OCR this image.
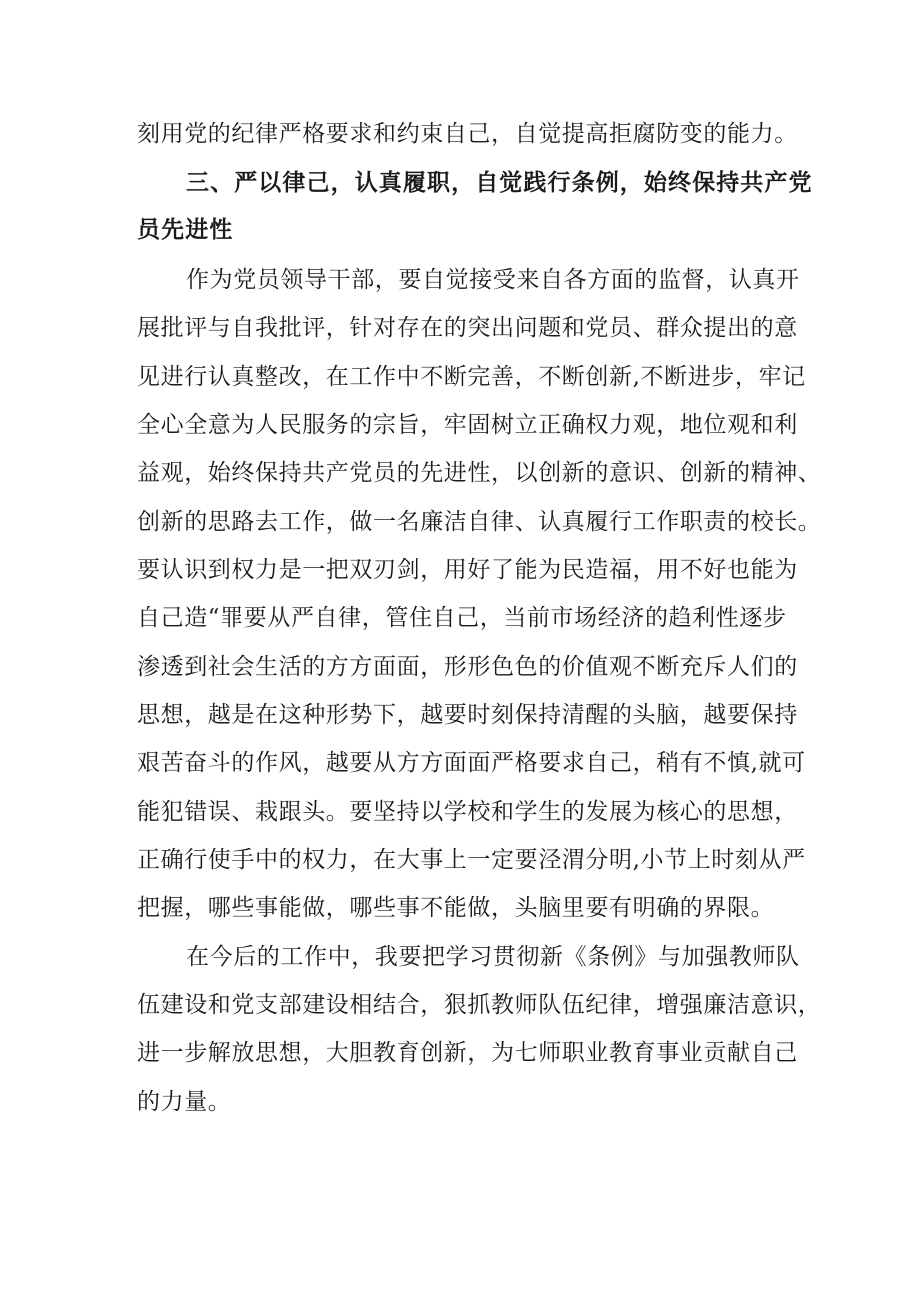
刻用党的纪律严格要求和约束自己，自觉提高拒腐防变的能力。
三、严以律己，认真履职，自觉践行条例，始终保持共产党
员先进性
作为党员领导干部，要自觉接受来自各方面的监督，认真开
展批评与自我批评，针对存在的突出问题和党员、群众提出的意
见进行认真整改，在工作中不断完善，不断创新,不断进步，牢记
全心全意为人民服务的宗旨，牢固树立正确权力观，地位观和利
益观，始终保持共产党员的先进性，以创新的意识、创新的精神、
创新的思路去工作，做一名廉洁自律、认真履行工作职责的校长。
要认识到权力是一把双刃剑，用好了能为民造福，用不好也能为
自己造“罪要从严自律，管住自己，当前市场经济的趋利性逐步
渗透到社会生活的方方面面，形形色色的价值观不断充斥人们的
思想，越是在这种形势下，越要时刻保持清醒的头脑，越要保持
艰苦奋斗的作风，越要从方方面面严格要求自己，稍有不慎,就可
能犯错误、栽跟头。要坚持以学校和学生的发展为核心的思想，
正确行使手中的权力，在大事上一定要泾渭分明,小节上时刻从严
把握，哪些事能做，哪些事不能做，头脑里要有明确的界限。
在今后的工作中，我要把学习贯彻新《条例》与加强教师队
伍建设和党支部建设相结合，狠抓教师队伍纪律，增强廉洁意识，
进一步解放思想，大胆教育创新，为七师职业教育事业贡献自己
的力量。
